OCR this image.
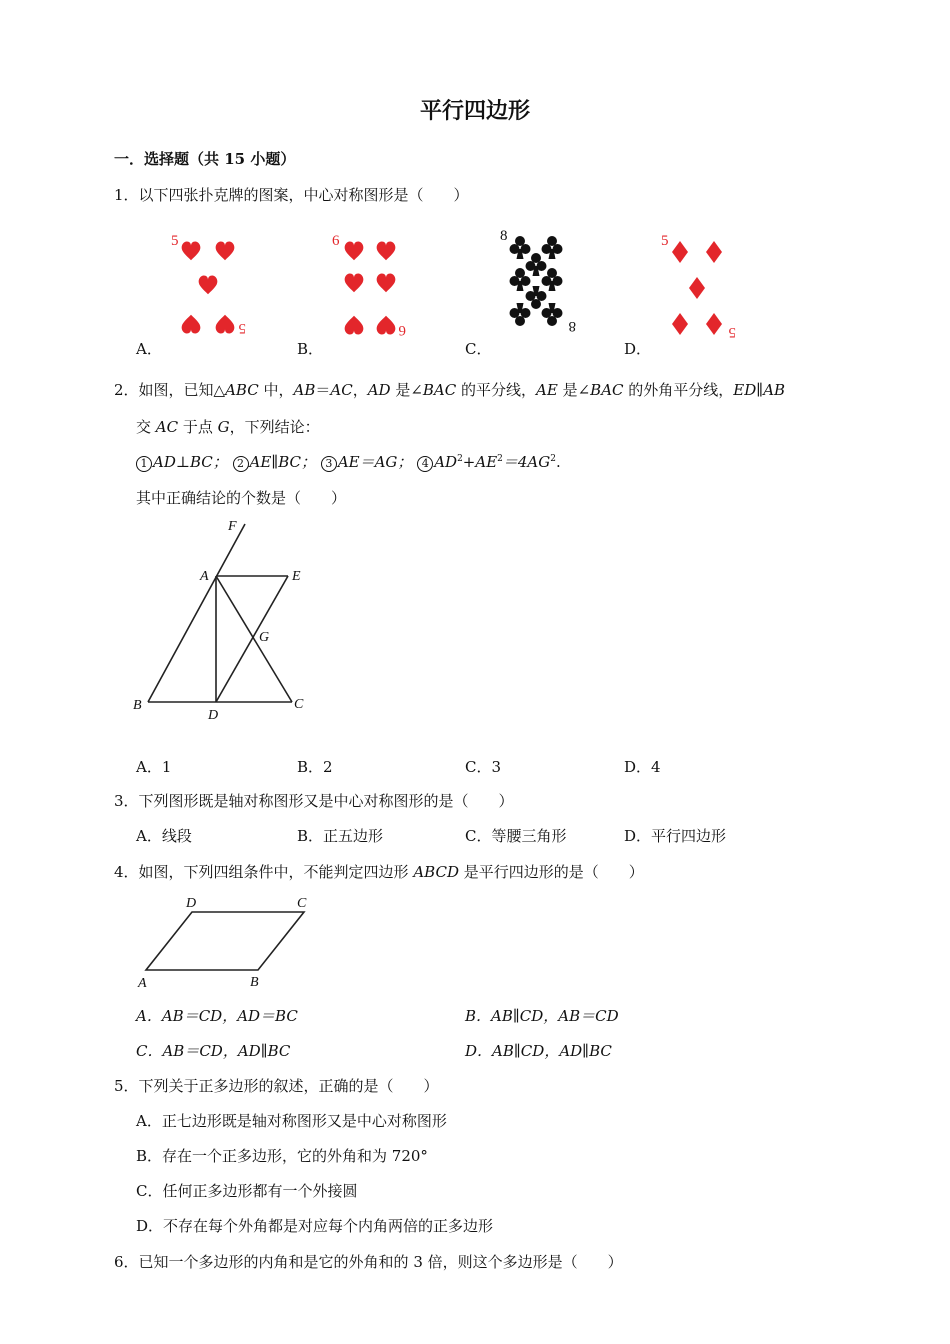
平行四边形
一．选择题（共 15 小题）
1．以下四张扑克牌的图案，中心对称图形是（　　）
5
5
6
6
8
8
5
5
A．	B．	C．	D．
2．如图，已知△ABC 中，AB＝AC，AD 是∠BAC 的平分线，AE 是∠BAC 的外角平分线，ED∥AB
交 AC 于点 G，下列结论：
1 AD⊥BC； 2 AE∥BC； 3 AE＝AG； 4 $AD^2+AE^2=4AG^2$.
其中正确结论的个数是（　　）
F
A	E
G
B
D
C
A．1	B．2	C．3	D．4
3．下列图形既是轴对称图形又是中心对称图形的是（　　）
A．线段	B．正五边形	C．等腰三角形	D．平行四边形
4．如图，下列四组条件中，不能判定四边形 ABCD 是平行四边形的是（　　）
D	C
A	B
A．AB＝CD，AD＝BC	B．AB∥CD，AB＝CD
C．AB＝CD，AD∥BC	D．AB∥CD，AD∥BC
5．下列关于正多边形的叙述，正确的是（　　）
A．正七边形既是轴对称图形又是中心对称图形
B．存在一个正多边形，它的外角和为 720°
C．任何正多边形都有一个外接圆
D．不存在每个外角都是对应每个内角两倍的正多边形
6．已知一个多边形的内角和是它的外角和的 3 倍，则这个多边形是（　　）
